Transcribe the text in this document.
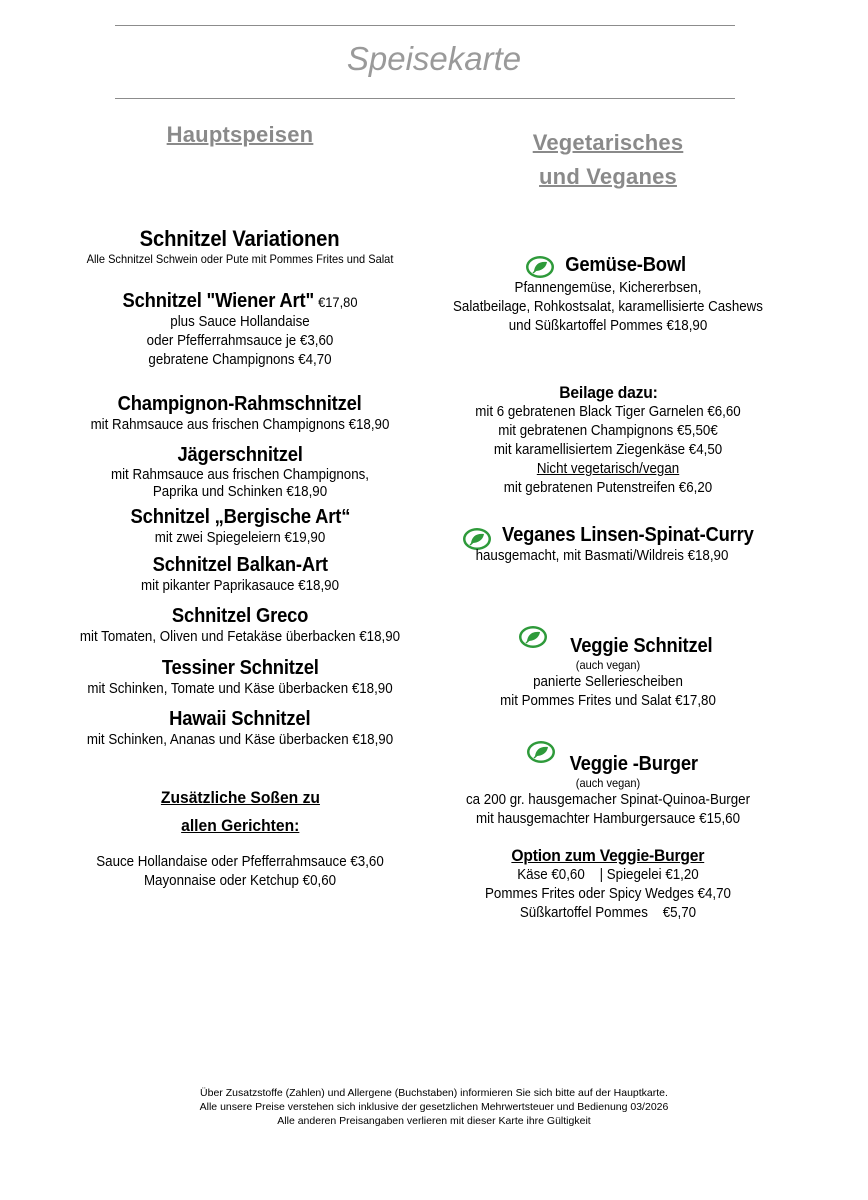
Speisekarte
Hauptspeisen
Schnitzel Variationen
Alle Schnitzel Schwein oder Pute mit Pommes Frites und Salat
Schnitzel "Wiener Art" €17,80
plus Sauce Hollandaise
oder Pfefferrahmsauce je €3,60
gebratene Champignons €4,70
Champignon-Rahmschnitzel
mit Rahmsauce aus frischen Champignons €18,90
Jägerschnitzel
mit Rahmsauce aus frischen Champignons,
Paprika und Schinken €18,90
Schnitzel „Bergische Art“
mit zwei Spiegeleiern €19,90
Schnitzel Balkan-Art
mit pikanter Paprikasauce €18,90
Schnitzel Greco
mit Tomaten, Oliven und Fetakäse überbacken €18,90
Tessiner Schnitzel
mit Schinken, Tomate und Käse überbacken €18,90
Hawaii Schnitzel
mit Schinken, Ananas und Käse überbacken €18,90
Zusätzliche Soßen zu
allen Gerichten:
Sauce Hollandaise oder Pfefferrahmsauce €3,60
Mayonnaise oder Ketchup €0,60
Vegetarisches
und Veganes
Gemüse-Bowl
Pfannengemüse, Kichererbsen,
Salatbeilage, Rohkostsalat, karamellisierte Cashews
und Süßkartoffel Pommes €18,90
Beilage dazu:
mit 6 gebratenen Black Tiger Garnelen €6,60
mit gebratenen Champignons €5,50€
mit karamellisiertem Ziegenkäse €4,50
Nicht vegetarisch/vegan
mit gebratenen Putenstreifen €6,20
Veganes Linsen-Spinat-Curry
hausgemacht, mit Basmati/Wildreis €18,90
Veggie Schnitzel
(auch vegan)
panierte Selleriescheiben
mit Pommes Frites und Salat €17,80
Veggie -Burger
(auch vegan)
ca 200 gr. hausgemacher Spinat-Quinoa-Burger
mit hausgemachter Hamburgersauce €15,60
Option zum Veggie-Burger
Käse €0,60    | Spiegelei €1,20
Pommes Frites oder Spicy Wedges €4,70
Süßkartoffel Pommes    €5,70
Über Zusatzstoffe (Zahlen) und Allergene (Buchstaben) informieren Sie sich bitte auf der Hauptkarte.
Alle unsere Preise verstehen sich inklusive der gesetzlichen Mehrwertsteuer und Bedienung 03/2026
Alle anderen Preisangaben verlieren mit dieser Karte ihre Gültigkeit
